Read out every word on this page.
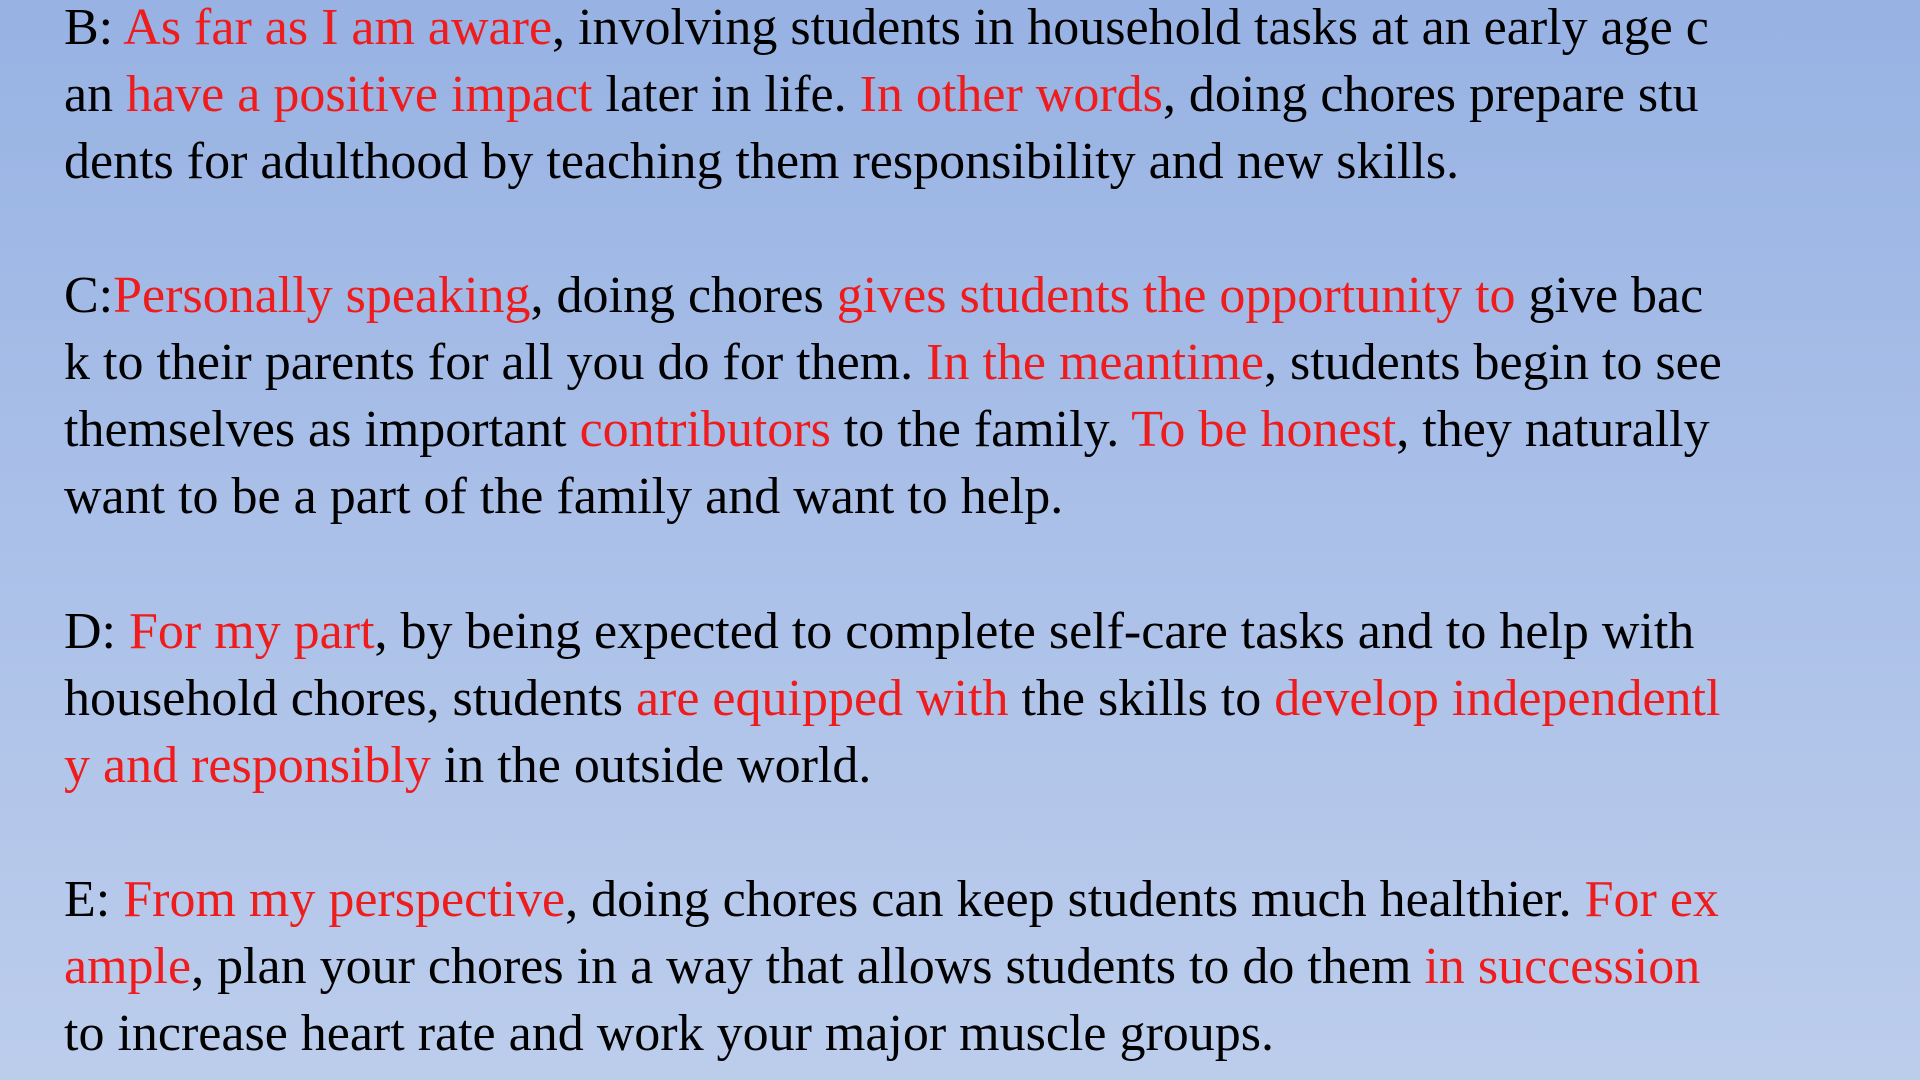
B: As far as I am aware, involving students in household tasks at an early age c
an have a positive impact later in life. In other words, doing chores prepare stu
dents for adulthood by teaching them responsibility and new skills.
C:Personally speaking, doing chores gives students the opportunity to give bac
k to their parents for all you do for them. In the meantime, students begin to see
themselves as important contributors to the family. To be honest, they naturally
want to be a part of the family and want to help.
D: For my part, by being expected to complete self-care tasks and to help with
household chores, students are equipped with the skills to develop independentl
y and responsibly in the outside world.
E: From my perspective, doing chores can keep students much healthier. For ex
ample, plan your chores in a way that allows students to do them in succession
to increase heart rate and work your major muscle groups.
